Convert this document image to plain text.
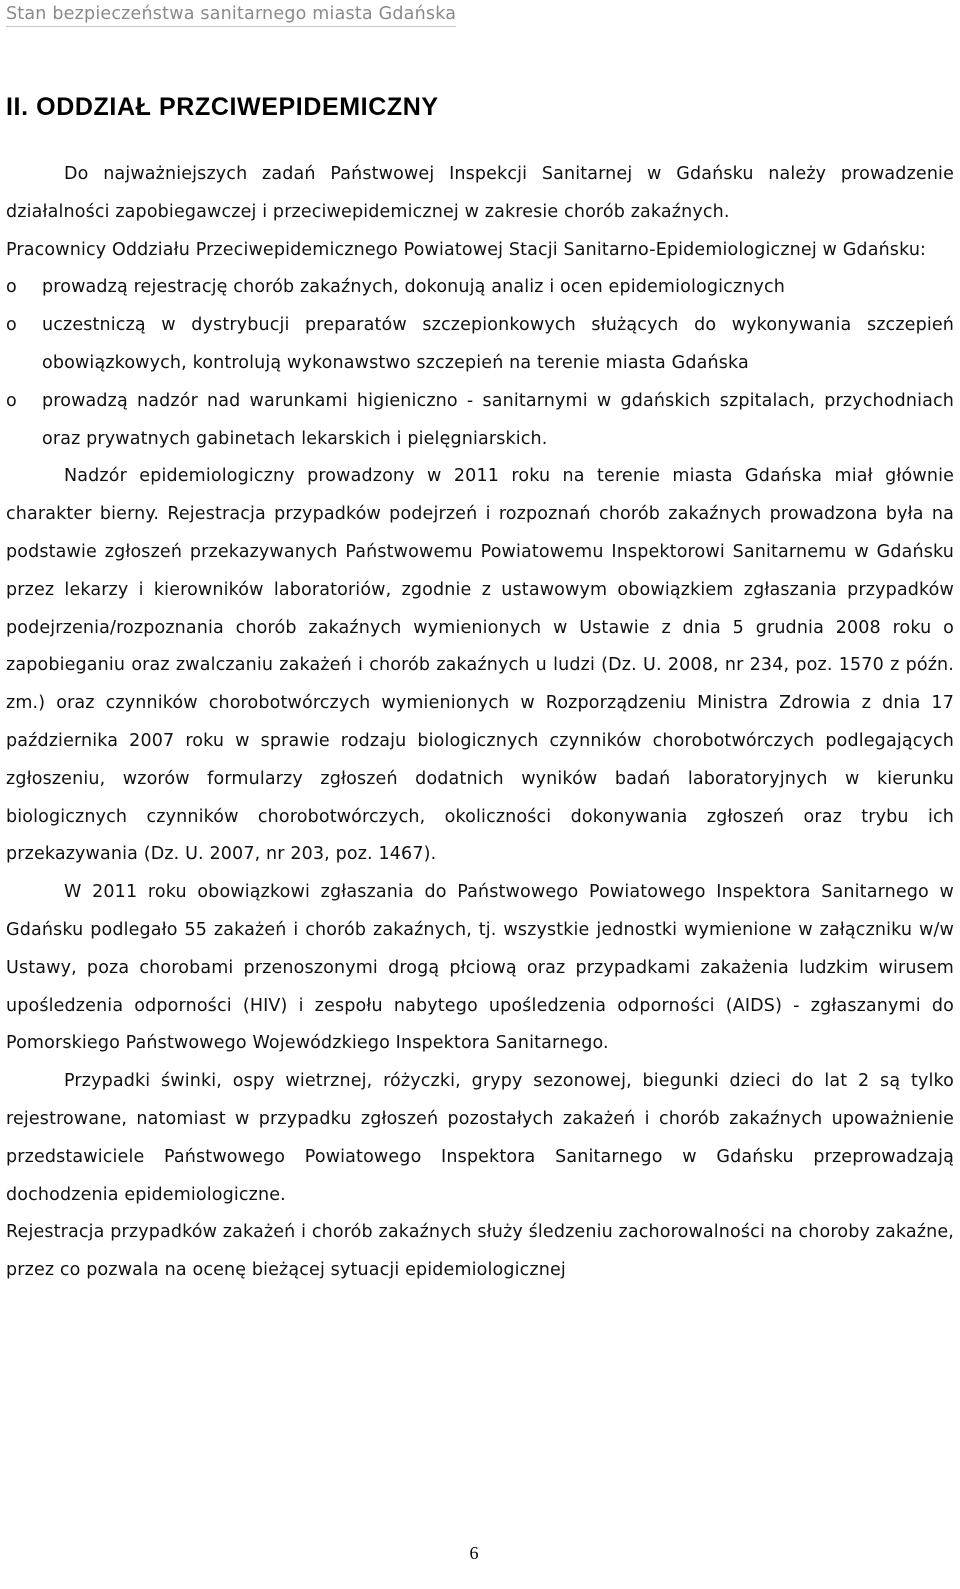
Stan bezpieczeństwa sanitarnego miasta Gdańska
II. ODDZIAŁ PRZCIWEPIDEMICZNY

Do najważniejszych zadań Państwowej Inspekcji Sanitarnej w Gdańsku należy prowadzenie działalności zapobiegawczej i przeciwepidemicznej w zakresie chorób zakaźnych.

Pracownicy Oddziału Przeciwepidemicznego Powiatowej Stacji Sanitarno-Epidemiologicznej w Gdańsku:

o prowadzą rejestrację chorób zakaźnych, dokonują analiz i ocen epidemiologicznych
o uczestniczą w dystrybucji preparatów szczepionkowych służących do wykonywania szczepień obowiązkowych, kontrolują wykonawstwo szczepień na terenie miasta Gdańska
o prowadzą nadzór nad warunkami higieniczno - sanitarnymi w gdańskich szpitalach, przychodniach oraz prywatnych gabinetach lekarskich i pielęgniarskich.

Nadzór epidemiologiczny prowadzony w 2011 roku na terenie miasta Gdańska miał głównie charakter bierny. Rejestracja przypadków podejrzeń i rozpoznań chorób zakaźnych prowadzona była na podstawie zgłoszeń przekazywanych Państwowemu Powiatowemu Inspektorowi Sanitarnemu w Gdańsku przez lekarzy i kierowników laboratoriów, zgodnie z ustawowym obowiązkiem zgłaszania przypadków podejrzenia/rozpoznania chorób zakaźnych wymienionych w Ustawie z dnia 5 grudnia 2008 roku o zapobieganiu oraz zwalczaniu zakażeń i chorób zakaźnych u ludzi (Dz. U. 2008, nr 234, poz. 1570 z późn. zm.) oraz czynników chorobotwórczych wymienionych w Rozporządzeniu Ministra Zdrowia z dnia 17 października 2007 roku w sprawie rodzaju biologicznych czynników chorobotwórczych podlegających zgłoszeniu, wzorów formularzy zgłoszeń dodatnich wyników badań laboratoryjnych w kierunku biologicznych czynników chorobotwórczych, okoliczności dokonywania zgłoszeń oraz trybu ich przekazywania (Dz. U. 2007, nr 203, poz. 1467).

W 2011 roku obowiązkowi zgłaszania do Państwowego Powiatowego Inspektora Sanitarnego w Gdańsku podlegało 55 zakażeń i chorób zakaźnych, tj. wszystkie jednostki wymienione w załączniku w/w Ustawy, poza chorobami przenoszonymi drogą płciową oraz przypadkami zakażenia ludzkim wirusem upośledzenia odporności (HIV) i zespołu nabytego upośledzenia odporności (AIDS) - zgłaszanymi do Pomorskiego Państwowego Wojewódzkiego Inspektora Sanitarnego.

Przypadki świnki, ospy wietrznej, różyczki, grypy sezonowej, biegunki dzieci do lat 2 są tylko rejestrowane, natomiast w przypadku zgłoszeń pozostałych zakażeń i chorób zakaźnych upoważnienie przedstawiciele Państwowego Powiatowego Inspektora Sanitarnego w Gdańsku przeprowadzają dochodzenia epidemiologiczne.

Rejestracja przypadków zakażeń i chorób zakaźnych służy śledzeniu zachorowalności na choroby zakaźne, przez co pozwala na ocenę bieżącej sytuacji epidemiologicznej

6
